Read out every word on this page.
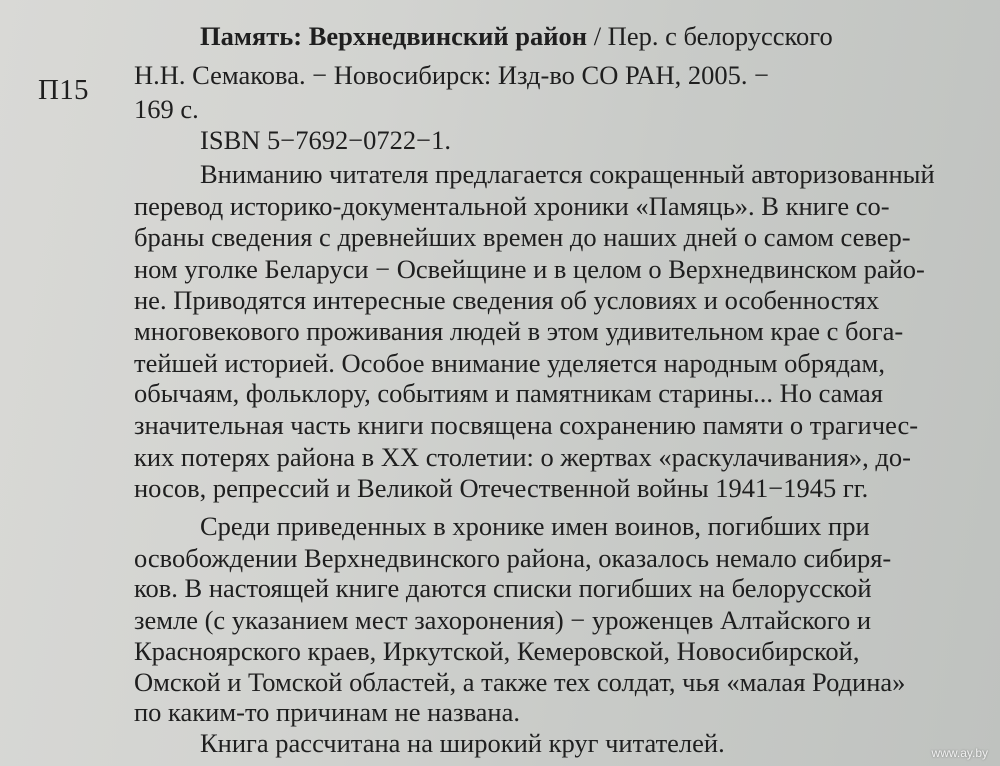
П15
Память: Верхнедвинский район / Пер. с белорусского
Н.Н. Семакова. − Новосибирск: Изд-во СО РАН, 2005. −
169 с.
ISBN 5−7692−0722−1.
Вниманию читателя предлагается сокращенный авторизованный
перевод историко-документальной хроники «Памяць». В книге со-
браны сведения с древнейших времен до наших дней о самом север-
ном уголке Беларуси − Освейщине и в целом о Верхнедвинском райо-
не. Приводятся интересные сведения об условиях и особенностях
многовекового проживания людей в этом удивительном крае с бога-
тейшей историей. Особое внимание уделяется народным обрядам,
обычаям, фольклору, событиям и памятникам старины... Но самая
значительная часть книги посвящена сохранению памяти о трагичес-
ких потерях района в XX столетии: о жертвах «раскулачивания», до-
носов, репрессий и Великой Отечественной войны 1941−1945 гг.
Среди приведенных в хронике имен воинов, погибших при
освобождении Верхнедвинского района, оказалось немало сибиря-
ков. В настоящей книге даются списки погибших на белорусской
земле (с указанием мест захоронения) − уроженцев Алтайского и
Красноярского краев, Иркутской, Кемеровской, Новосибирской,
Омской и Томской областей, а также тех солдат, чья «малая Родина»
по каким-то причинам не названа.
Книга рассчитана на широкий круг читателей.	www.ay.by
